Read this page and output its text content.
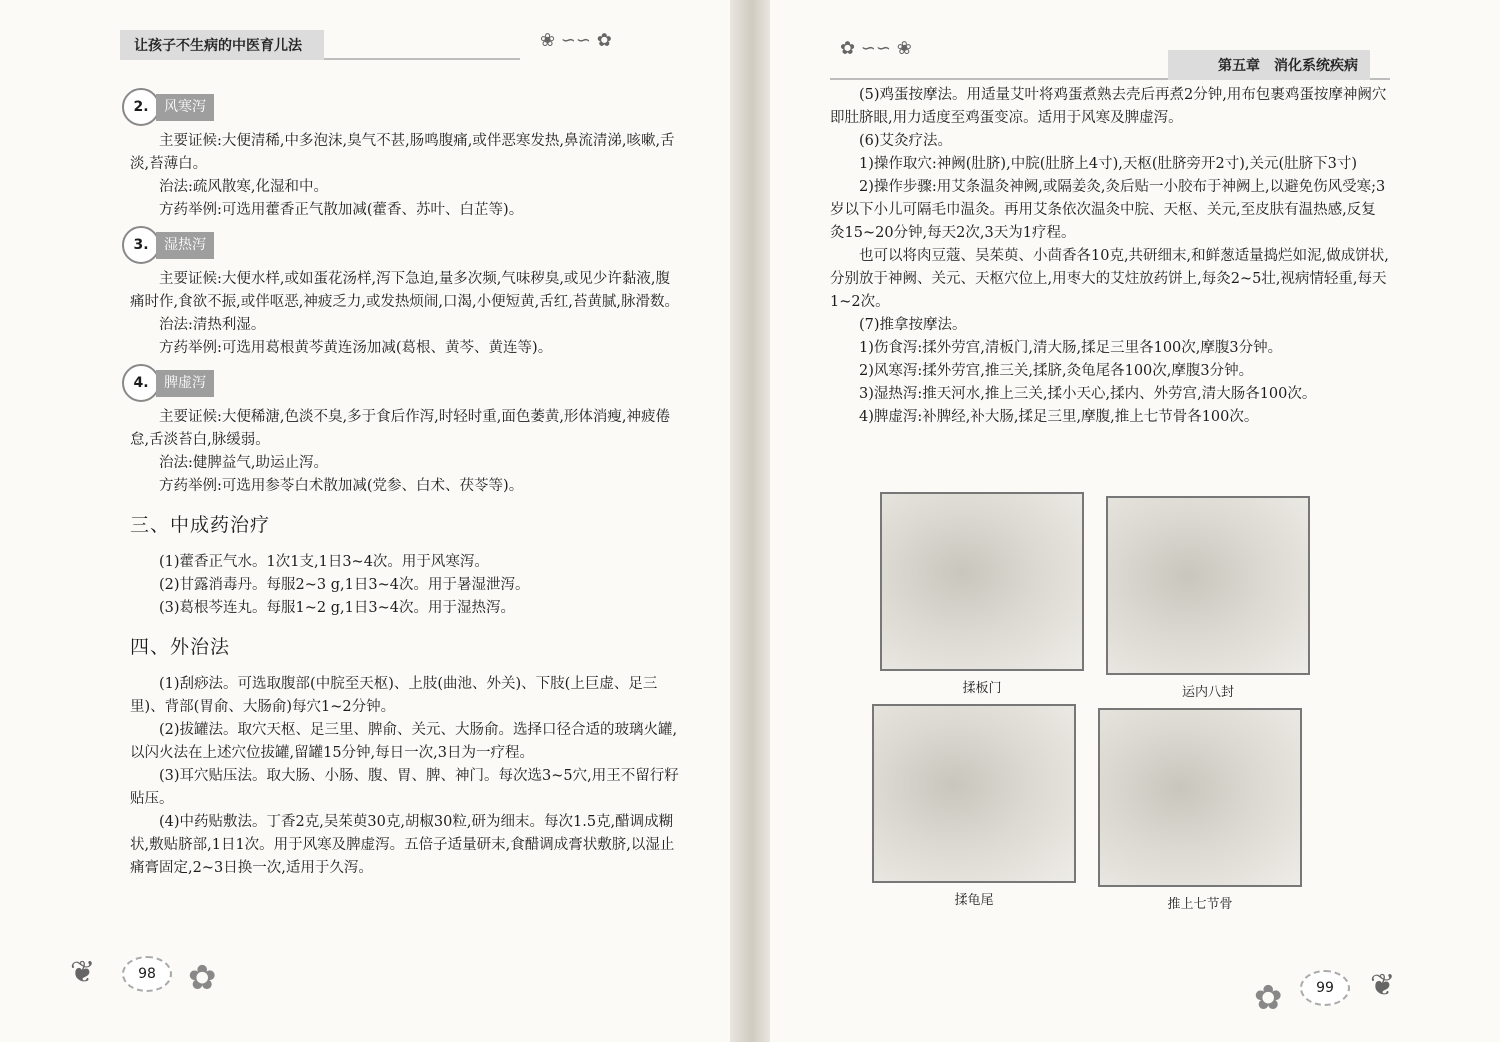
让孩子不生病的中医育儿法	❀ ∽∽ ✿
2.	风寒泻

主要证候:大便清稀,中多泡沫,臭气不甚,肠鸣腹痛,或伴恶寒发热,鼻流清涕,咳嗽,舌淡,苔薄白。

治法:疏风散寒,化湿和中。

方药举例:可选用藿香正气散加减(藿香、苏叶、白芷等)。

3.	湿热泻

主要证候:大便水样,或如蛋花汤样,泻下急迫,量多次频,气味秽臭,或见少许黏液,腹痛时作,食欲不振,或伴呕恶,神疲乏力,或发热烦闹,口渴,小便短黄,舌红,苔黄腻,脉滑数。

治法:清热利湿。

方药举例:可选用葛根黄芩黄连汤加减(葛根、黄芩、黄连等)。

4.	脾虚泻

主要证候:大便稀溏,色淡不臭,多于食后作泻,时轻时重,面色萎黄,形体消瘦,神疲倦怠,舌淡苔白,脉缓弱。

治法:健脾益气,助运止泻。

方药举例:可选用参苓白术散加减(党参、白术、茯苓等)。

三、中成药治疗

(1)藿香正气水。1次1支,1日3~4次。用于风寒泻。

(2)甘露消毒丹。每服2~3 g,1日3~4次。用于暑湿泄泻。

(3)葛根芩连丸。每服1~2 g,1日3~4次。用于湿热泻。

四、外治法

(1)刮痧法。可选取腹部(中脘至天枢)、上肢(曲池、外关)、下肢(上巨虚、足三里)、背部(胃俞、大肠俞)每穴1~2分钟。

(2)拔罐法。取穴天枢、足三里、脾俞、关元、大肠俞。选择口径合适的玻璃火罐,以闪火法在上述穴位拔罐,留罐15分钟,每日一次,3日为一疗程。

(3)耳穴贴压法。取大肠、小肠、腹、胃、脾、神门。每次选3~5穴,用王不留行籽贴压。

(4)中药贴敷法。丁香2克,吴茱萸30克,胡椒30粒,研为细末。每次1.5克,醋调成糊状,敷贴脐部,1日1次。用于风寒及脾虚泻。五倍子适量研末,食醋调成膏状敷脐,以湿止痛膏固定,2~3日换一次,适用于久泻。

❦	98 ✿
✿ ∽∽ ❀
第五章　消化系统疾病

(5)鸡蛋按摩法。用适量艾叶将鸡蛋煮熟去壳后再煮2分钟,用布包裹鸡蛋按摩神阙穴即肚脐眼,用力适度至鸡蛋变凉。适用于风寒及脾虚泻。

(6)艾灸疗法。

1)操作取穴:神阙(肚脐),中脘(肚脐上4寸),天枢(肚脐旁开2寸),关元(肚脐下3寸)

2)操作步骤:用艾条温灸神阙,或隔姜灸,灸后贴一小胶布于神阙上,以避免伤风受寒;3岁以下小儿可隔毛巾温灸。再用艾条依次温灸中脘、天枢、关元,至皮肤有温热感,反复灸15~20分钟,每天2次,3天为1疗程。

也可以将肉豆蔻、吴茱萸、小茴香各10克,共研细末,和鲜葱适量捣烂如泥,做成饼状,分别放于神阙、关元、天枢穴位上,用枣大的艾炷放药饼上,每灸2~5壮,视病情轻重,每天1~2次。

(7)推拿按摩法。

1)伤食泻:揉外劳宫,清板门,清大肠,揉足三里各100次,摩腹3分钟。

2)风寒泻:揉外劳宫,推三关,揉脐,灸龟尾各100次,摩腹3分钟。

3)湿热泻:推天河水,推上三关,揉小天心,揉内、外劳宫,清大肠各100次。

4)脾虚泻:补脾经,补大肠,揉足三里,摩腹,推上七节骨各100次。

揉板门	运内八封
揉龟尾	推上七节骨
✿	99	❦
